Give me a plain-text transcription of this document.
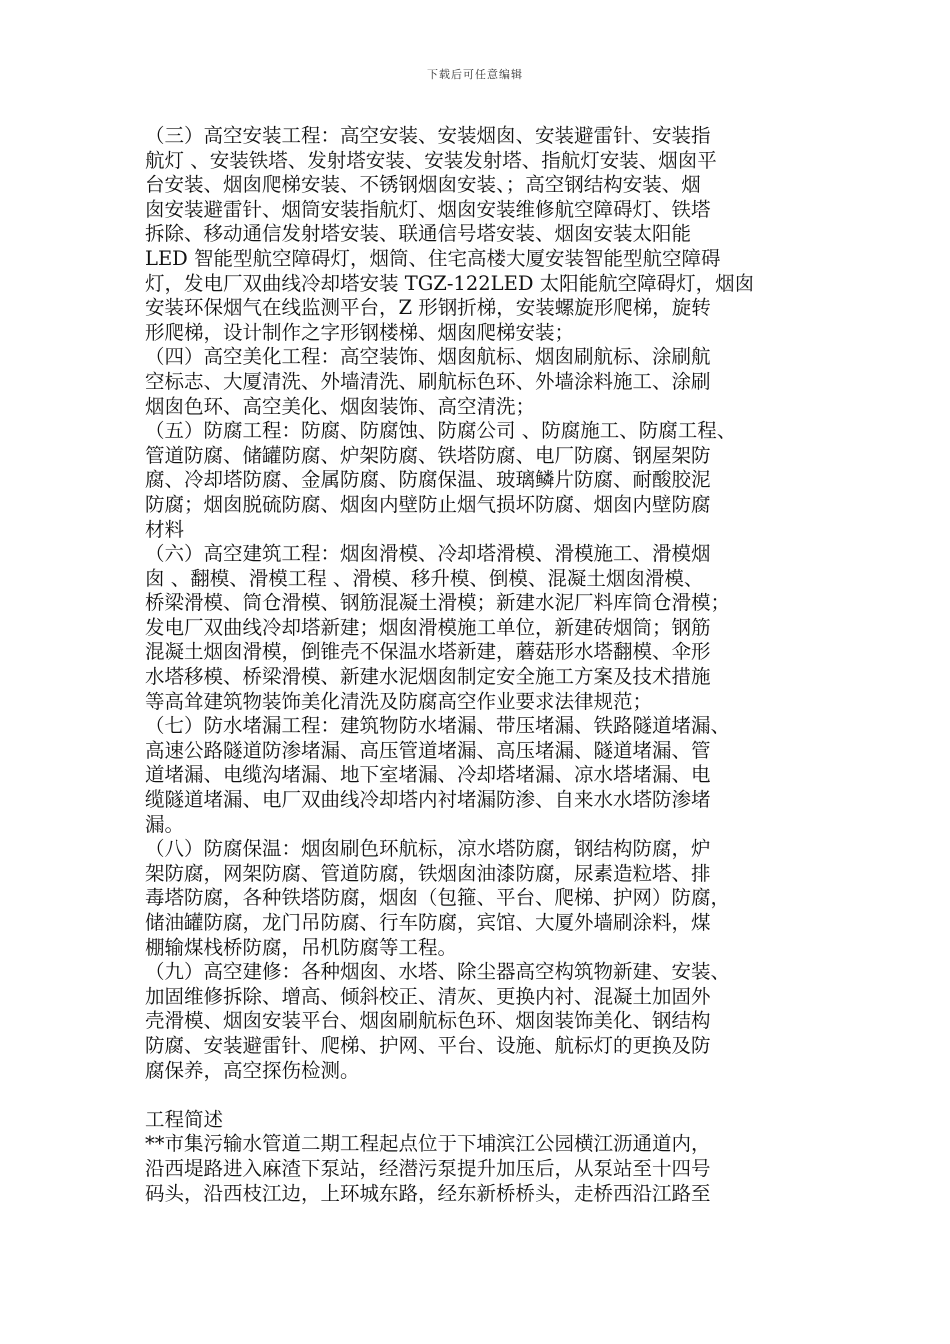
下载后可任意编辑
（三）高空安装工程：高空安装、安装烟囱、安装避雷针、安装指
航灯 、安装铁塔、发射塔安装、安装发射塔、指航灯安装、烟囱平
台安装、烟囱爬梯安装、不锈钢烟囱安装、；高空钢结构安装、烟
囱安装避雷针、烟筒安装指航灯、烟囱安装维修航空障碍灯、铁塔
拆除、移动通信发射塔安装、联通信号塔安装、烟囱安装太阳能
LED 智能型航空障碍灯，烟筒、住宅高楼大厦安装智能型航空障碍
灯，发电厂双曲线冷却塔安装 TGZ-122LED 太阳能航空障碍灯，烟囱
安装环保烟气在线监测平台，Z 形钢折梯，安装螺旋形爬梯，旋转
形爬梯，设计制作之字形钢楼梯、烟囱爬梯安装；
（四）高空美化工程：高空装饰、烟囱航标、烟囱刷航标、涂刷航
空标志、大厦清洗、外墙清洗、刷航标色环、外墙涂料施工、涂刷
烟囱色环、高空美化、烟囱装饰、高空清洗；
（五）防腐工程：防腐、防腐蚀、防腐公司 、防腐施工、防腐工程、
管道防腐、储罐防腐、炉架防腐、铁塔防腐、电厂防腐、钢屋架防
腐、冷却塔防腐、金属防腐、防腐保温、玻璃鳞片防腐、耐酸胶泥
防腐；烟囱脱硫防腐、烟囱内壁防止烟气损坏防腐、烟囱内壁防腐
材料
（六）高空建筑工程：烟囱滑模、冷却塔滑模、滑模施工、滑模烟
囱 、翻模、滑模工程 、滑模、移升模、倒模、混凝土烟囱滑模、
桥梁滑模、筒仓滑模、钢筋混凝土滑模；新建水泥厂料库筒仓滑模；
发电厂双曲线冷却塔新建；烟囱滑模施工单位，新建砖烟筒；钢筋
混凝土烟囱滑模，倒锥壳不保温水塔新建，蘑菇形水塔翻模、伞形
水塔移模、桥梁滑模、新建水泥烟囱制定安全施工方案及技术措施
等高耸建筑物装饰美化清洗及防腐高空作业要求法律规范；
（七）防水堵漏工程：建筑物防水堵漏、带压堵漏、铁路隧道堵漏、
高速公路隧道防渗堵漏、高压管道堵漏、高压堵漏、隧道堵漏、管
道堵漏、电缆沟堵漏、地下室堵漏、冷却塔堵漏、凉水塔堵漏、电
缆隧道堵漏、电厂双曲线冷却塔内衬堵漏防渗、自来水水塔防渗堵
漏。
（八）防腐保温：烟囱刷色环航标，凉水塔防腐，钢结构防腐，炉
架防腐，网架防腐、管道防腐，铁烟囱油漆防腐，尿素造粒塔、排
毒塔防腐，各种铁塔防腐，烟囱（包箍、平台、爬梯、护网）防腐，
储油罐防腐，龙门吊防腐、行车防腐，宾馆、大厦外墙刷涂料，煤
棚输煤栈桥防腐，吊机防腐等工程。
（九）高空建修：各种烟囱、水塔、除尘器高空构筑物新建、安装、
加固维修拆除、增高、倾斜校正、清灰、更换内衬、混凝土加固外
壳滑模、烟囱安装平台、烟囱刷航标色环、烟囱装饰美化、钢结构
防腐、安装避雷针、爬梯、护网、平台、设施、航标灯的更换及防
腐保养，高空探伤检测。
工程简述
**市集污输水管道二期工程起点位于下埔滨江公园横江沥通道内，
沿西堤路进入麻渣下泵站，经潜污泵提升加压后，从泵站至十四号
码头，沿西枝江边，上环城东路，经东新桥桥头，走桥西沿江路至
